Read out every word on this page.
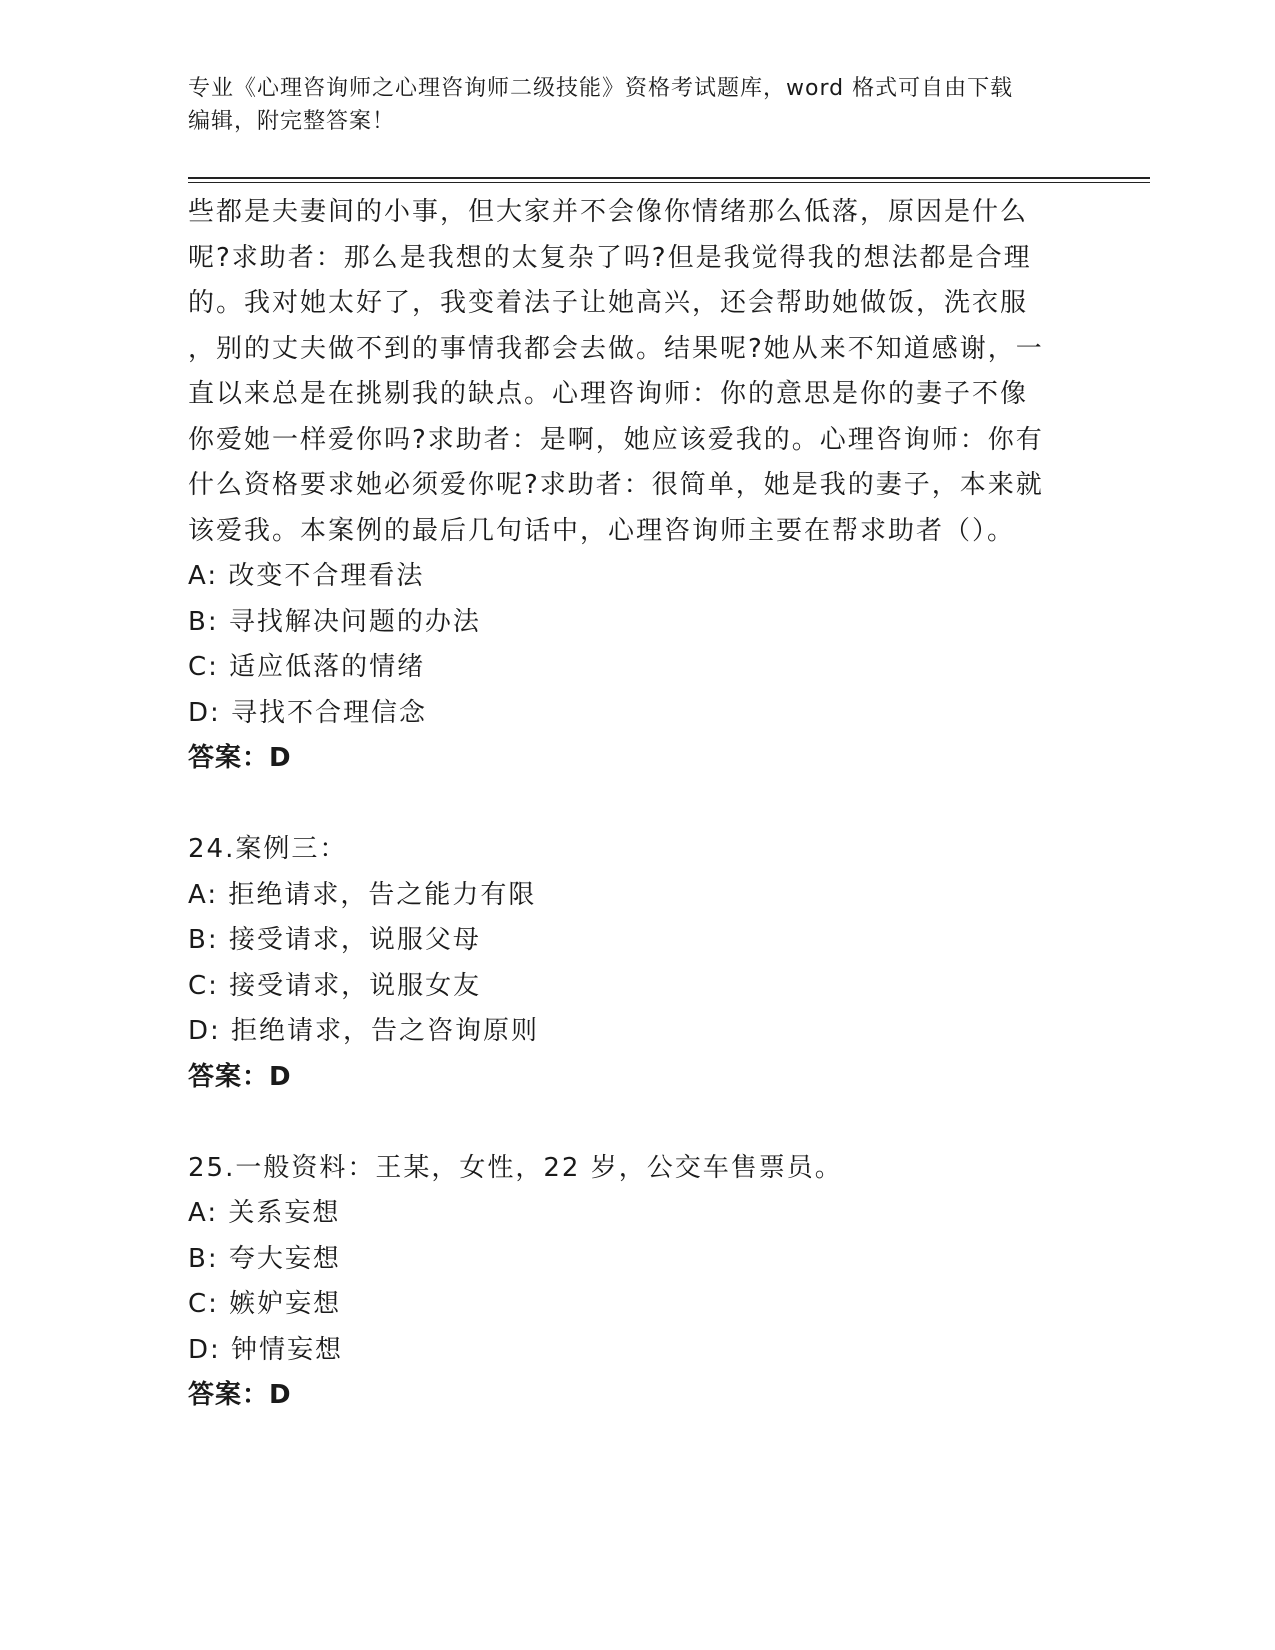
专业《心理咨询师之心理咨询师二级技能》资格考试题库，word 格式可自由下载
编辑，附完整答案！

些都是夫妻间的小事，但大家并不会像你情绪那么低落，原因是什么

呢?求助者：那么是我想的太复杂了吗?但是我觉得我的想法都是合理

的。我对她太好了，我变着法子让她高兴，还会帮助她做饭，洗衣服

，别的丈夫做不到的事情我都会去做。结果呢?她从来不知道感谢，一

直以来总是在挑剔我的缺点。心理咨询师：你的意思是你的妻子不像

你爱她一样爱你吗?求助者：是啊，她应该爱我的。心理咨询师：你有

什么资格要求她必须爱你呢?求助者：很简单，她是我的妻子，本来就

该爱我。本案例的最后几句话中，心理咨询师主要在帮求助者（）。

A: 改变不合理看法

B: 寻找解决问题的办法

C: 适应低落的情绪

D: 寻找不合理信念

答案：D

24.案例三：

A: 拒绝请求，告之能力有限

B: 接受请求，说服父母

C: 接受请求，说服女友

D: 拒绝请求，告之咨询原则

答案：D

25.一般资料：王某，女性，22 岁，公交车售票员。

A: 关系妄想

B: 夸大妄想

C: 嫉妒妄想

D: 钟情妄想

答案：D
